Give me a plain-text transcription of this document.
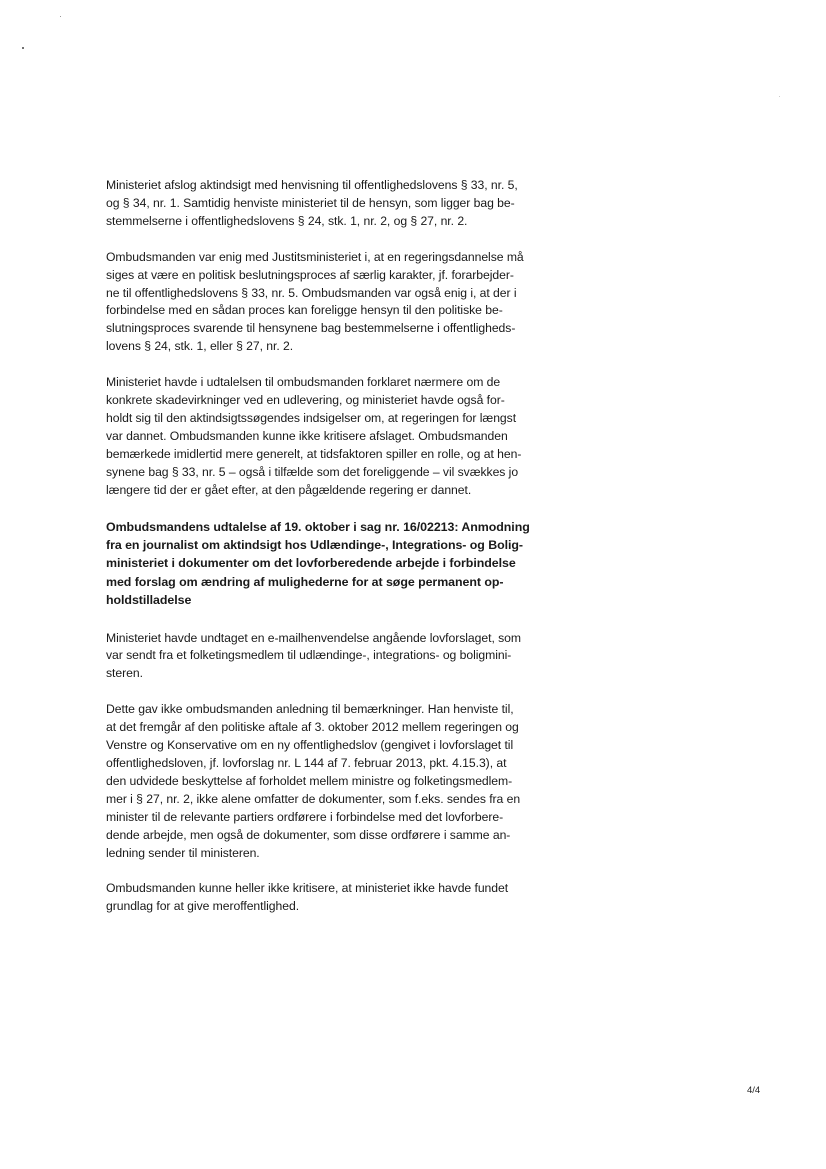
Ministeriet afslog aktindsigt med henvisning til offentlighedslovens § 33, nr. 5,
og § 34, nr. 1. Samtidig henviste ministeriet til de hensyn, som ligger bag be-
stemmelserne i offentlighedslovens § 24, stk. 1, nr. 2, og § 27, nr. 2.

Ombudsmanden var enig med Justitsministeriet i, at en regeringsdannelse må
siges at være en politisk beslutningsproces af særlig karakter, jf. forarbejder-
ne til offentlighedslovens § 33, nr. 5. Ombudsmanden var også enig i, at der i
forbindelse med en sådan proces kan foreligge hensyn til den politiske be-
slutningsproces svarende til hensynene bag bestemmelserne i offentligheds-
lovens § 24, stk. 1, eller § 27, nr. 2.

Ministeriet havde i udtalelsen til ombudsmanden forklaret nærmere om de
konkrete skadevirkninger ved en udlevering, og ministeriet havde også for-
holdt sig til den aktindsigtssøgendes indsigelser om, at regeringen for længst
var dannet. Ombudsmanden kunne ikke kritisere afslaget. Ombudsmanden
bemærkede imidlertid mere generelt, at tidsfaktoren spiller en rolle, og at hen-
synene bag § 33, nr. 5 – også i tilfælde som det foreliggende – vil svækkes jo
længere tid der er gået efter, at den pågældende regering er dannet.

Ombudsmandens udtalelse af 19. oktober i sag nr. 16/02213: Anmodning
fra en journalist om aktindsigt hos Udlændinge-, Integrations- og Bolig-
ministeriet i dokumenter om det lovforberedende arbejde i forbindelse
med forslag om ændring af mulighederne for at søge permanent op-
holdstilladelse

Ministeriet havde undtaget en e-mailhenvendelse angående lovforslaget, som
var sendt fra et folketingsmedlem til udlændinge-, integrations- og boligmini-
steren.

Dette gav ikke ombudsmanden anledning til bemærkninger. Han henviste til,
at det fremgår af den politiske aftale af 3. oktober 2012 mellem regeringen og
Venstre og Konservative om en ny offentlighedslov (gengivet i lovforslaget til
offentlighedsloven, jf. lovforslag nr. L 144 af 7. februar 2013, pkt. 4.15.3), at
den udvidede beskyttelse af forholdet mellem ministre og folketingsmedlem-
mer i § 27, nr. 2, ikke alene omfatter de dokumenter, som f.eks. sendes fra en
minister til de relevante partiers ordførere i forbindelse med det lovforbere-
dende arbejde, men også de dokumenter, som disse ordførere i samme an-
ledning sender til ministeren.

Ombudsmanden kunne heller ikke kritisere, at ministeriet ikke havde fundet
grundlag for at give meroffentlighed.

4/4
